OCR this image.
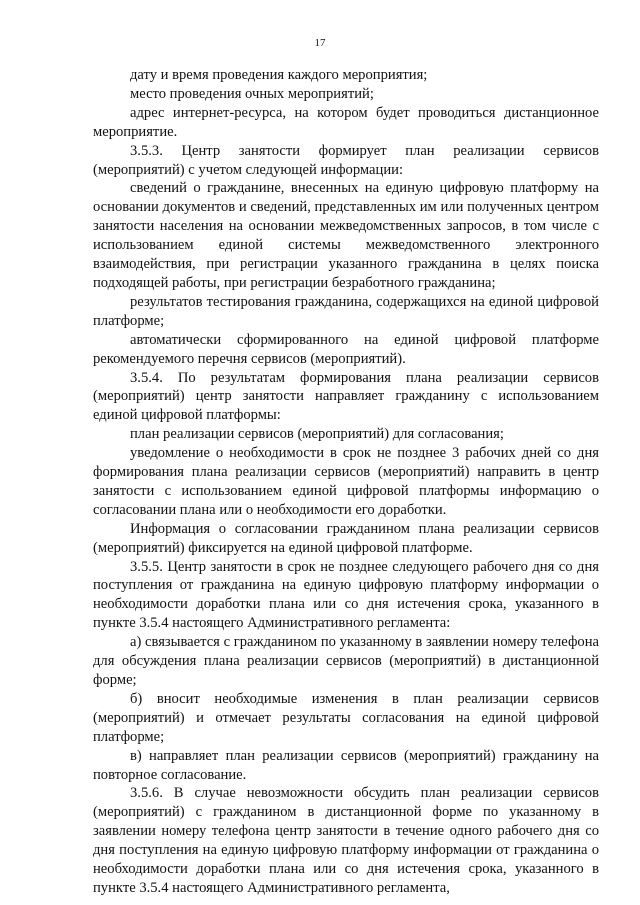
17

дату и время проведения каждого мероприятия;

место проведения очных мероприятий;

адрес интернет-ресурса, на котором будет проводиться дистанционное мероприятие.

3.5.3. Центр занятости формирует план реализации сервисов (мероприятий) с учетом следующей информации:

сведений о гражданине, внесенных на единую цифровую платформу на основании документов и сведений, представленных им или полученных центром занятости населения на основании межведомственных запросов, в том числе с использованием единой системы межведомственного электронного взаимодействия, при регистрации указанного гражданина в целях поиска подходящей работы, при регистрации безработного гражданина;

результатов тестирования гражданина, содержащихся на единой цифровой платформе;

автоматически сформированного на единой цифровой платформе рекомендуемого перечня сервисов (мероприятий).

3.5.4. По результатам формирования плана реализации сервисов (мероприятий) центр занятости направляет гражданину с использованием единой цифровой платформы:

план реализации сервисов (мероприятий) для согласования;

уведомление о необходимости в срок не позднее 3 рабочих дней со дня формирования плана реализации сервисов (мероприятий) направить в центр занятости с использованием единой цифровой платформы информацию о согласовании плана или о необходимости его доработки.

Информация о согласовании гражданином плана реализации сервисов (мероприятий) фиксируется на единой цифровой платформе.

3.5.5. Центр занятости в срок не позднее следующего рабочего дня со дня поступления от гражданина на единую цифровую платформу информации о необходимости доработки плана или со дня истечения срока, указанного в пункте 3.5.4 настоящего Административного регламента:

а) связывается с гражданином по указанному в заявлении номеру телефона для обсуждения плана реализации сервисов (мероприятий) в дистанционной форме;

б) вносит необходимые изменения в план реализации сервисов (мероприятий) и отмечает результаты согласования на единой цифровой платформе;

в) направляет план реализации сервисов (мероприятий) гражданину на повторное согласование.

3.5.6. В случае невозможности обсудить план реализации сервисов (мероприятий) с гражданином в дистанционной форме по указанному в заявлении номеру телефона центр занятости в течение одного рабочего дня со дня поступления на единую цифровую платформу информации от гражданина о необходимости доработки плана или со дня истечения срока, указанного в пункте 3.5.4 настоящего Административного регламента,
